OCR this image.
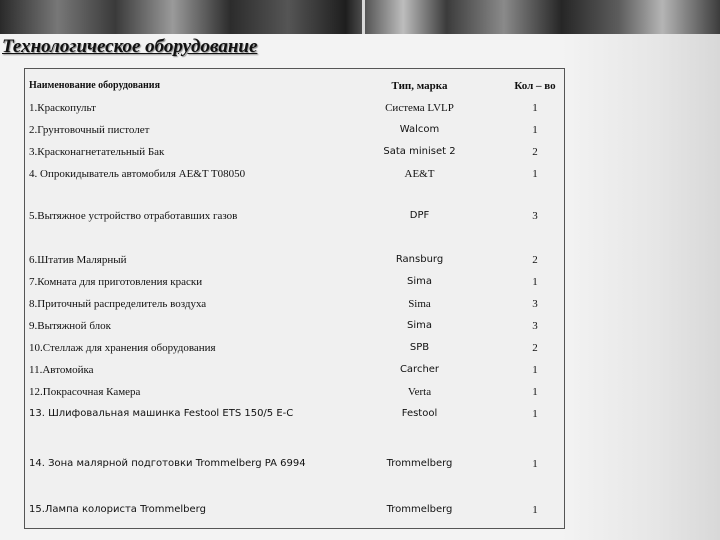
Технологическое оборудование
Наименование оборудования	Тип, марка	Кол – во
1.Краскопульт	Система LVLP	1
2.Грунтовочный пистолет	Walcom	1
3.Красконагнетательный Бак	Sata miniset 2	2
4. Опрокидыватель автомобиля AE&T T08050	AE&T	1
5.Вытяжное устройство отработавших газов	DPF	3
6.Штатив Малярный	Ransburg	2
7.Комната для приготовления краски	Sima	1
8.Приточный распределитель воздуха	Sima	3
9.Вытяжной блок	Sima	3
10.Стеллаж для хранения оборудования	SPB	2
11.Автомойка	Carcher	1
12.Покрасочная Камера	Verta	1
13. Шлифовальная машинка Festool ETS 150/5 E-C	Festool	1
14. Зона малярной подготовки Trommelberg PA 6994	Trommelberg	1
15.Лампа колориста Trommelberg	Trommelberg	1
